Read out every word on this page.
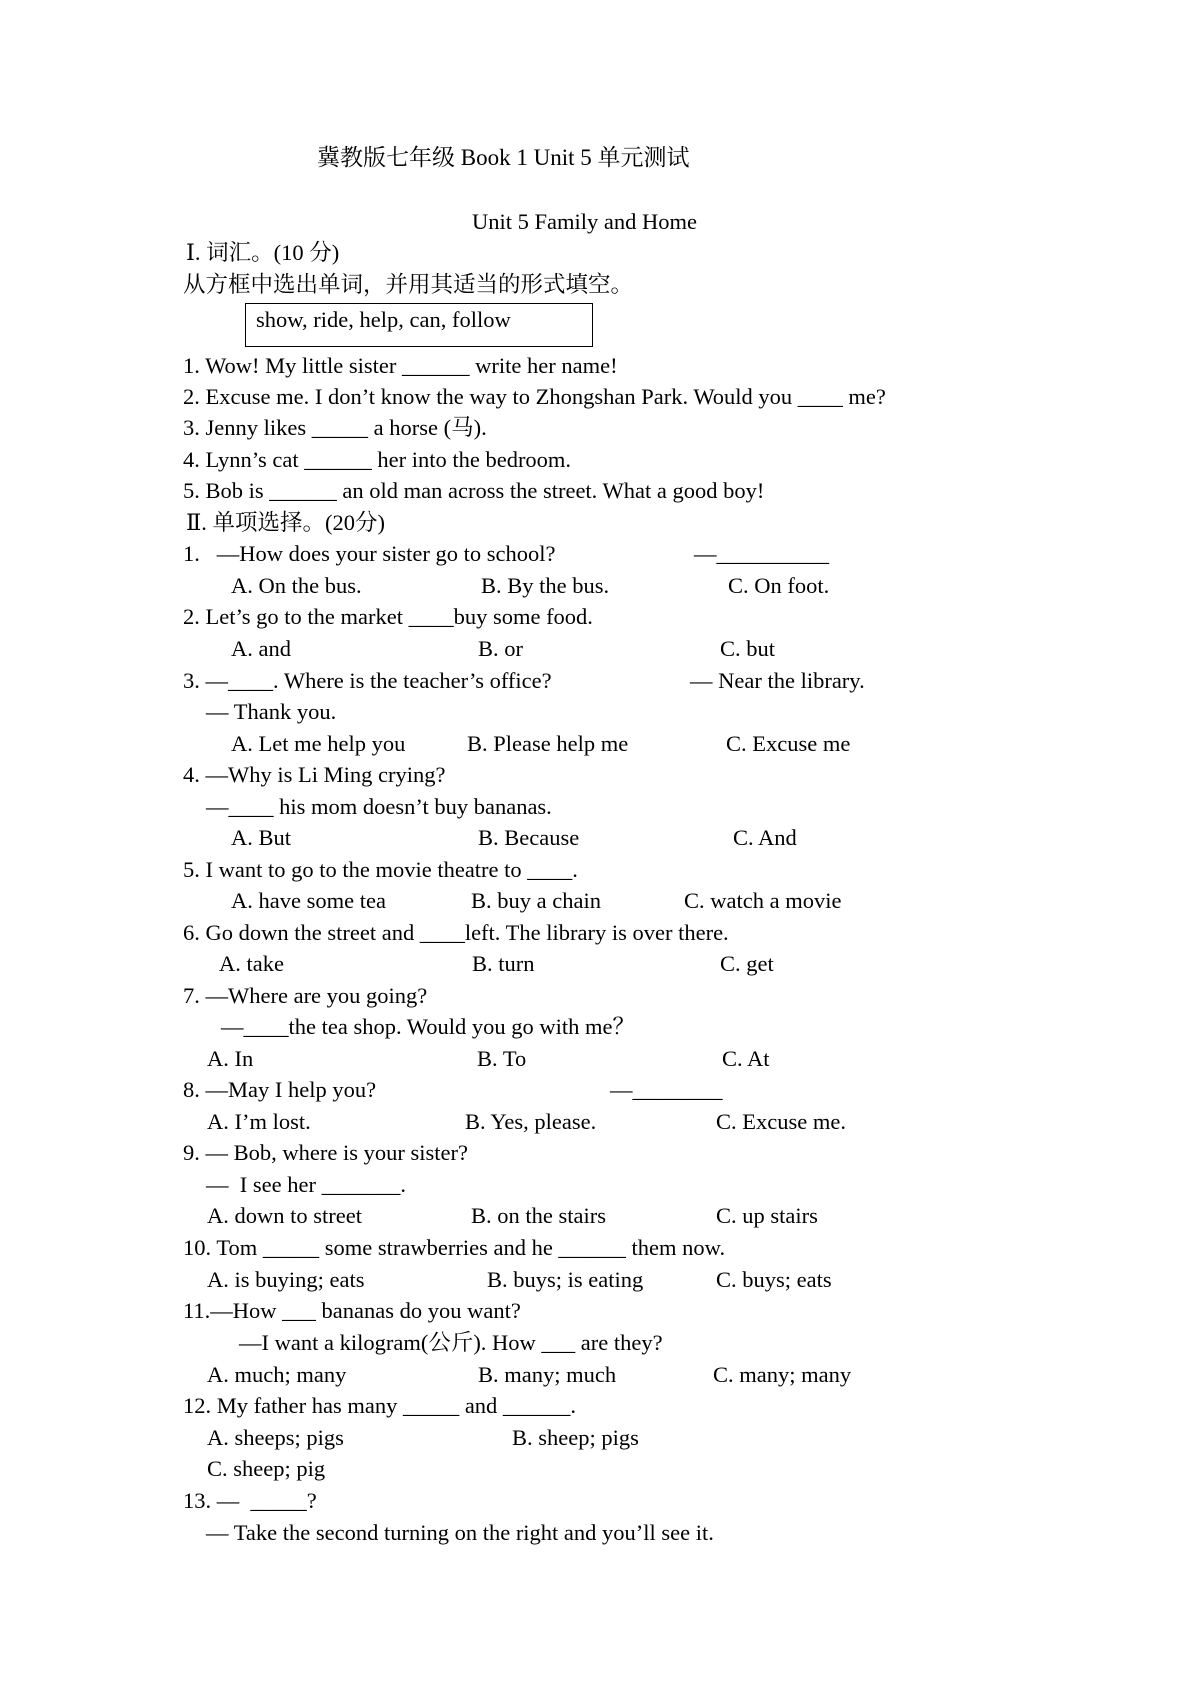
冀教版七年级 Book 1 Unit 5 单元测试
Unit 5 Family and Home
Ⅰ. 词汇。(10 分)
从方框中选出单词，并用其适当的形式填空。
show, ride, help, can, follow
1. Wow! My little sister ______ write her name!
2. Excuse me. I don’t know the way to Zhongshan Park. Would you ____ me?
3. Jenny likes _____ a horse (马).
4. Lynn’s cat ______ her into the bedroom.
5. Bob is ______ an old man across the street. What a good boy!
Ⅱ. 单项选择。(20分)
1.   —How does your sister go to school?	—__________
A. On the bus.	B. By the bus.	C. On foot.
2. Let’s go to the market ____buy some food.
A. and	B. or	C. but
3. —____. Where is the teacher’s office?	— Near the library.
— Thank you.
A. Let me help you	B. Please help me	C. Excuse me
4. —Why is Li Ming crying?
—____ his mom doesn’t buy bananas.
A. But	B. Because	C. And
5. I want to go to the movie theatre to ____.
A. have some tea	B. buy a chain	C. watch a movie
6. Go down the street and ____left. The library is over there.
A. take	B. turn	C. get
7. —Where are you going?
—____the tea shop. Would you go with me？
A. In	B. To	C. At
8. —May I help you?	—________
A. I’m lost.	B. Yes, please.	C. Excuse me.
9. — Bob, where is your sister?
—  I see her _______.
A. down to street	B. on the stairs	C. up stairs
10. Tom _____ some strawberries and he ______ them now.
A. is buying; eats	B. buys; is eating	C. buys; eats
11.—How ___ bananas do you want?
—I want a kilogram(公斤). How ___ are they?
A. much; many	B. many; much	C. many; many
12. My father has many _____ and ______.
A. sheeps; pigs	B. sheep; pigs
C. sheep; pig
13. —  _____?
— Take the second turning on the right and you’ll see it.
